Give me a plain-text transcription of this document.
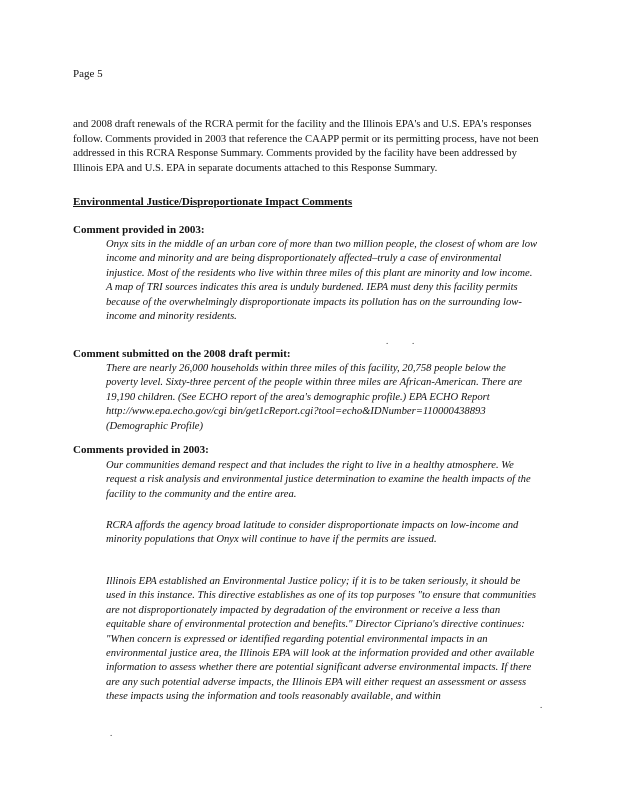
Page 5

and 2008 draft renewals of the RCRA permit for the facility and the Illinois EPA's and U.S. EPA's responses follow. Comments provided in 2003 that reference the CAAPP permit or its permitting process, have not been addressed in this RCRA Response Summary. Comments provided by the facility have been addressed by Illinois EPA and U.S. EPA in separate documents attached to this Response Summary.

Environmental Justice/Disproportionate Impact Comments
Comment provided in 2003:

Onyx sits in the middle of an urban core of more than two million people, the closest of whom are low income and minority and are being disproportionately affected–truly a case of environmental injustice. Most of the residents who live within three miles of this plant are minority and low income. A map of TRI sources indicates this area is unduly burdened. IEPA must deny this facility permits because of the overwhelmingly disproportionate impacts its pollution has on the surrounding low-income and minority residents.

Comment submitted on the 2008 draft permit:

There are nearly 26,000 households within three miles of this facility, 20,758 people below the poverty level. Sixty-three percent of the people within three miles are African-American. There are 19,190 children. (See ECHO report of the area's demographic profile.) EPA ECHO Report http://www.epa.echo.gov/cgi bin/get1cReport.cgi?tool=echo&IDNumber=110000438893 (Demographic Profile)

Comments provided in 2003:

Our communities demand respect and that includes the right to live in a healthy atmosphere. We request a risk analysis and environmental justice determination to examine the health impacts of the facility to the community and the entire area.

RCRA affords the agency broad latitude to consider disproportionate impacts on low-income and minority populations that Onyx will continue to have if the permits are issued.

Illinois EPA established an Environmental Justice policy; if it is to be taken seriously, it should be used in this instance. This directive establishes as one of its top purposes "to ensure that communities are not disproportionately impacted by degradation of the environment or receive a less than equitable share of environmental protection and benefits." Director Cipriano's directive continues: "When concern is expressed or identified regarding potential environmental impacts in an environmental justice area, the Illinois EPA will look at the information provided and other available information to assess whether there are potential significant adverse environmental impacts. If there are any such potential adverse impacts, the Illinois EPA will either request an assessment or assess these impacts using the information and tools reasonably available, and within

.	.
.
.
